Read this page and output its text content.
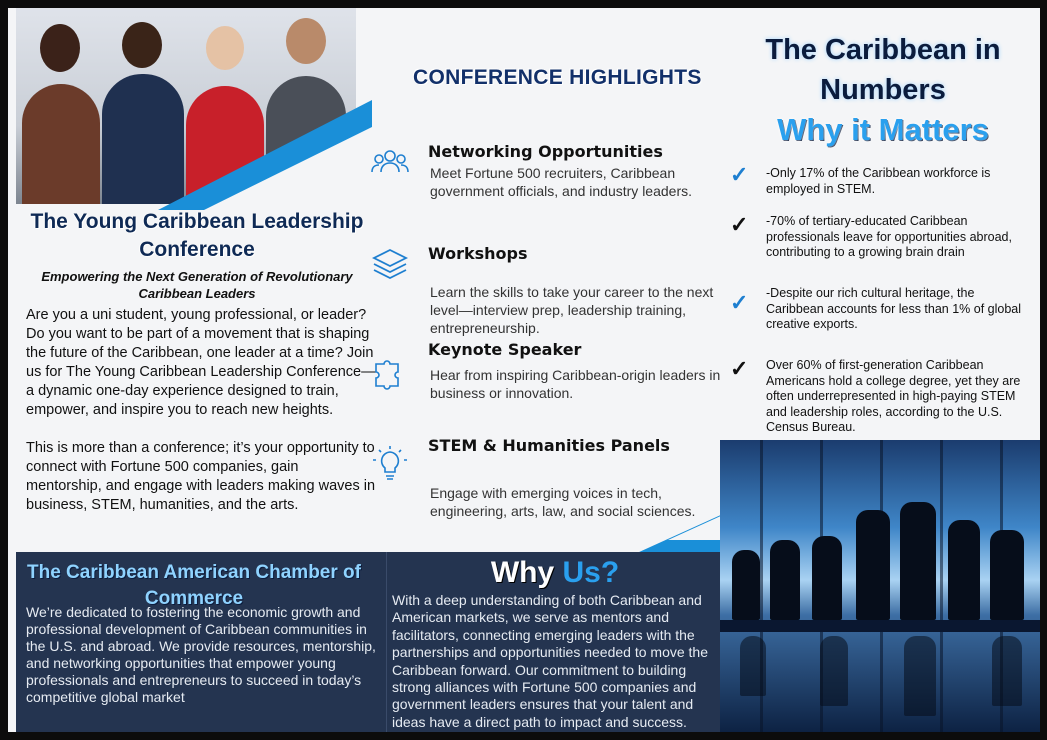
The Young Caribbean Leadership Conference
Empowering the Next Generation of Revolutionary Caribbean Leaders

Are you a uni student, young professional, or leader? Do you want to be part of a movement that is shaping the future of the Caribbean, one leader at a time? Join us for The Young Caribbean Leadership Conference—a dynamic one-day experience designed to train, empower, and inspire you to reach new heights.

This is more than a conference; it’s your opportunity to connect with Fortune 500 companies, gain mentorship, and engage with leaders making waves in business, STEM, humanities, and the arts.

CONFERENCE HIGHLIGHTS
Networking Opportunities
Meet Fortune 500 recruiters, Caribbean government officials, and industry leaders.
Workshops
Learn the skills to take your career to the next level—interview prep, leadership training, entrepreneurship.
Keynote Speaker
Hear from inspiring Caribbean-origin leaders in business or innovation.
STEM & Humanities Panels
Engage with emerging voices in tech, engineering, arts, law, and social sciences.
The Caribbean in Numbers
Why it Matters
✓ -Only 17% of the Caribbean workforce is employed in STEM.
✓ -70% of tertiary-educated Caribbean professionals leave for opportunities abroad, contributing to a growing brain drain
✓ -Despite our rich cultural heritage, the Caribbean accounts for less than 1% of global creative exports.
✓ Over 60% of first-generation Caribbean Americans hold a college degree, yet they are often underrepresented in high-paying STEM and leadership roles, according to the U.S. Census Bureau.
The Caribbean American Chamber of Commerce
We’re dedicated to fostering the economic growth and professional development of Caribbean communities in the U.S. and abroad. We provide resources, mentorship, and networking opportunities that empower young professionals and entrepreneurs to succeed in today’s competitive global market
Why Us?
With a deep understanding of both Caribbean and American markets, we serve as mentors and facilitators, connecting emerging leaders with the partnerships and opportunities needed to move the Caribbean forward. Our commitment to building strong alliances with Fortune 500 companies and government leaders ensures that your talent and ideas have a direct path to impact and success.
